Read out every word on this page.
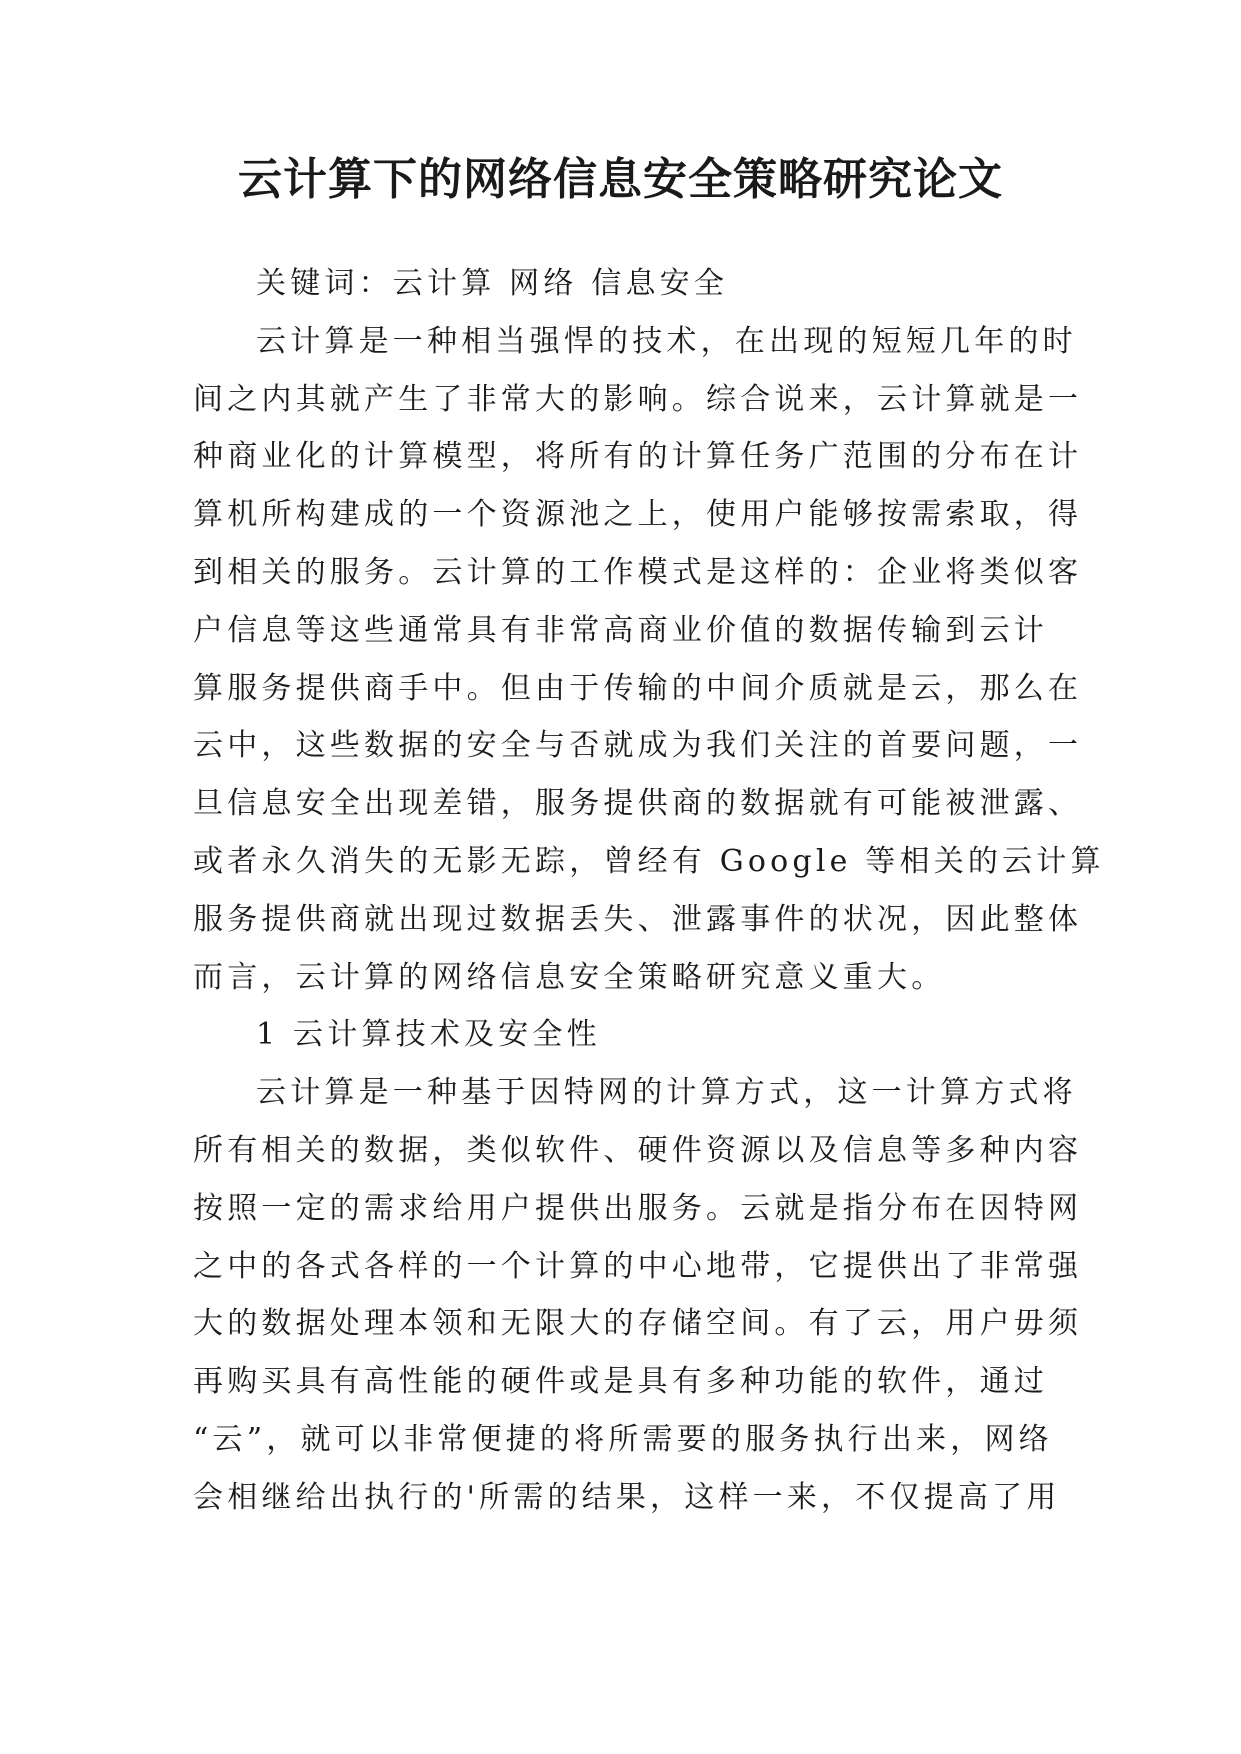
云计算下的网络信息安全策略研究论文
关键词：云计算 网络 信息安全
云计算是一种相当强悍的技术，在出现的短短几年的时
间之内其就产生了非常大的影响。综合说来，云计算就是一
种商业化的计算模型，将所有的计算任务广范围的分布在计
算机所构建成的一个资源池之上，使用户能够按需索取，得
到相关的服务。云计算的工作模式是这样的：企业将类似客
户信息等这些通常具有非常高商业价值的数据传输到云计
算服务提供商手中。但由于传输的中间介质就是云，那么在
云中，这些数据的安全与否就成为我们关注的首要问题，一
旦信息安全出现差错，服务提供商的数据就有可能被泄露、
或者永久消失的无影无踪，曾经有 Google 等相关的云计算
服务提供商就出现过数据丢失、泄露事件的状况，因此整体
而言，云计算的网络信息安全策略研究意义重大。
1 云计算技术及安全性
云计算是一种基于因特网的计算方式，这一计算方式将
所有相关的数据，类似软件、硬件资源以及信息等多种内容
按照一定的需求给用户提供出服务。云就是指分布在因特网
之中的各式各样的一个计算的中心地带，它提供出了非常强
大的数据处理本领和无限大的存储空间。有了云，用户毋须
再购买具有高性能的硬件或是具有多种功能的软件，通过
“云”，就可以非常便捷的将所需要的服务执行出来，网络
会相继给出执行的'所需的结果，这样一来，不仅提高了用
